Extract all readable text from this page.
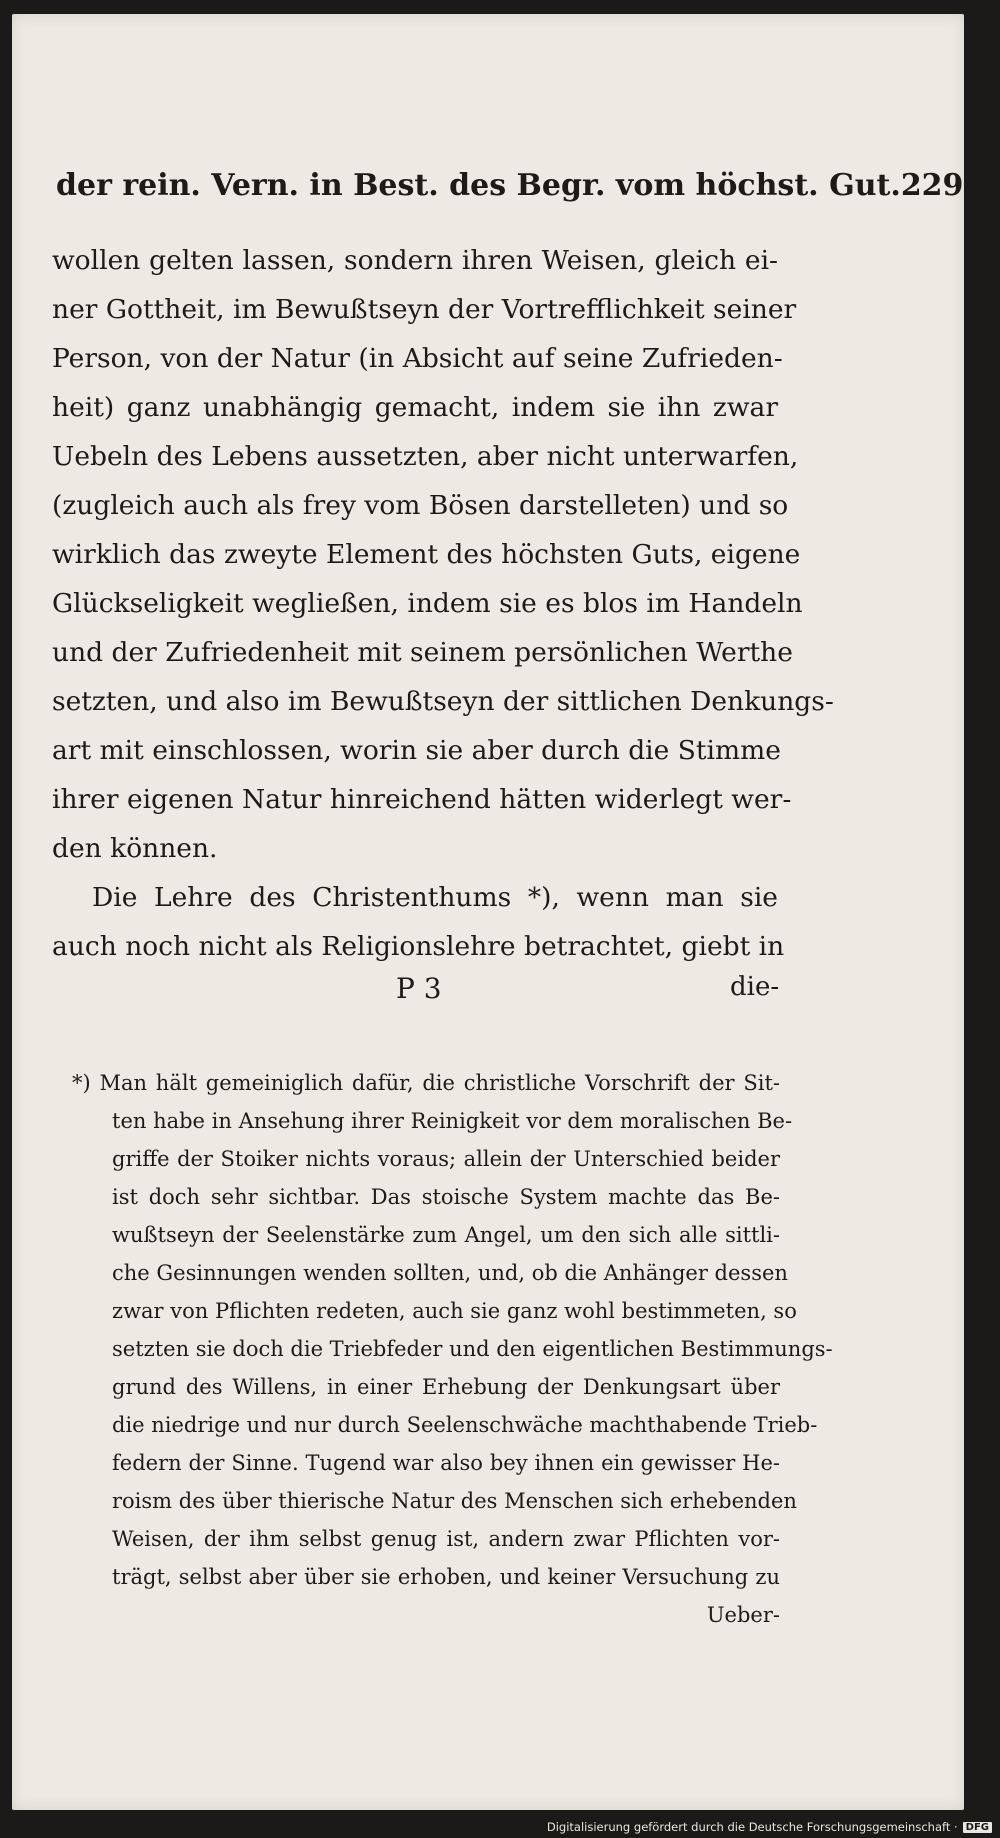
der rein. Vern. in Best. des Begr. vom höchst. Gut. 229
wollen gelten lassen, sondern ihren Weisen, gleich ei-
ner Gottheit, im Bewußtseyn der Vortrefflichkeit seiner
Person, von der Natur (in Absicht auf seine Zufrieden-
heit) ganz unabhängig gemacht, indem sie ihn zwar
Uebeln des Lebens aussetzten, aber nicht unterwarfen,
(zugleich auch als frey vom Bösen darstelleten) und so
wirklich das zweyte Element des höchsten Guts, eigene
Glückseligkeit wegließen, indem sie es blos im Handeln
und der Zufriedenheit mit seinem persönlichen Werthe
setzten, und also im Bewußtseyn der sittlichen Denkungs-
art mit einschlossen, worin sie aber durch die Stimme
ihrer eigenen Natur hinreichend hätten widerlegt wer-
den können.
Die Lehre des Christenthums *), wenn man sie
auch noch nicht als Religionslehre betrachtet, giebt in
P 3	die-
*) Man hält gemeiniglich dafür, die christliche Vorschrift der Sit-
ten habe in Ansehung ihrer Reinigkeit vor dem moralischen Be-
griffe der Stoiker nichts voraus; allein der Unterschied beider
ist doch sehr sichtbar. Das stoische System machte das Be-
wußtseyn der Seelenstärke zum Angel, um den sich alle sittli-
che Gesinnungen wenden sollten, und, ob die Anhänger dessen
zwar von Pflichten redeten, auch sie ganz wohl bestimmeten, so
setzten sie doch die Triebfeder und den eigentlichen Bestimmungs-
grund des Willens, in einer Erhebung der Denkungsart über
die niedrige und nur durch Seelenschwäche machthabende Trieb-
federn der Sinne. Tugend war also bey ihnen ein gewisser He-
roism des über thierische Natur des Menschen sich erhebenden
Weisen, der ihm selbst genug ist, andern zwar Pflichten vor-
trägt, selbst aber über sie erhoben, und keiner Versuchung zu
Ueber-
Digitalisierung gefördert durch die Deutsche Forschungsgemeinschaft · DFG
